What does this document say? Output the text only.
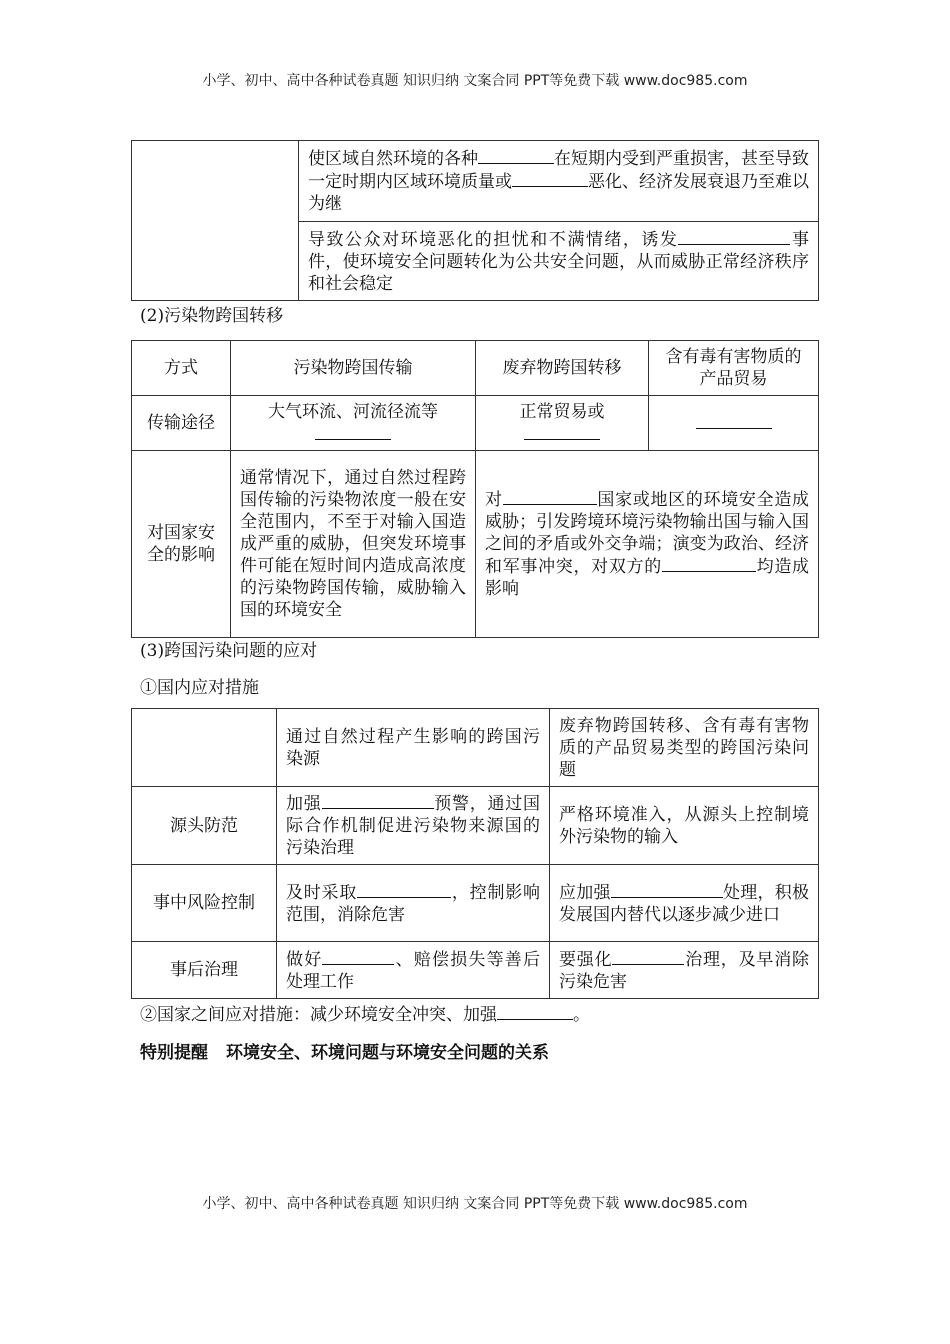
小学、初中、高中各种试卷真题 知识归纳 文案合同 PPT等免费下载 www.doc985.com
	使区域自然环境的各种	在短期内受到严重损害，甚至导致一定时期内区域环境质量或	恶化、经济发展衰退乃至难以为继
导致公众对环境恶化的担忧和不满情绪，诱发	事件，使环境安全问题转化为公共安全问题，从而威胁正常经济秩序和社会稳定
(2)污染物跨国转移
方式	污染物跨国传输	废弃物跨国转移	含有毒有害物质的产品贸易
传输途径	大气环流、河流径流等	正常贸易或

对国家安全的影响	通常情况下，通过自然过程跨国传输的污染物浓度一般在安全范围内，不至于对输入国造成严重的威胁，但突发环境事件可能在短时间内造成高浓度的污染物跨国传输，威胁输入国的环境安全	对 国家或地区的环境安全造成威胁；引发跨境环境污染物输出国与输入国之间的矛盾或外交争端；演变为政治、经济和军事冲突，对双方的 均造成影响	
(3)跨国污染问题的应对
①国内应对措施
	通过自然过程产生影响的跨国污染源	废弃物跨国转移、含有毒有害物质的产品贸易类型的跨国污染问题
源头防范	加强 预警，通过国际合作机制促进污染物来源国的污染治理	严格环境准入，从源头上控制境外污染物的输入
事中风险控制	及时采取 ，控制影响范围，消除危害	应加强 处理，积极发展国内替代以逐步减少进口
事后治理	做好 、赔偿损失等善后处理工作	要强化 治理，及早消除污染危害
②国家之间应对措施：减少环境安全冲突、加强	。
特别提醒 环境安全、环境问题与环境安全问题的关系
小学、初中、高中各种试卷真题 知识归纳 文案合同 PPT等免费下载 www.doc985.com
